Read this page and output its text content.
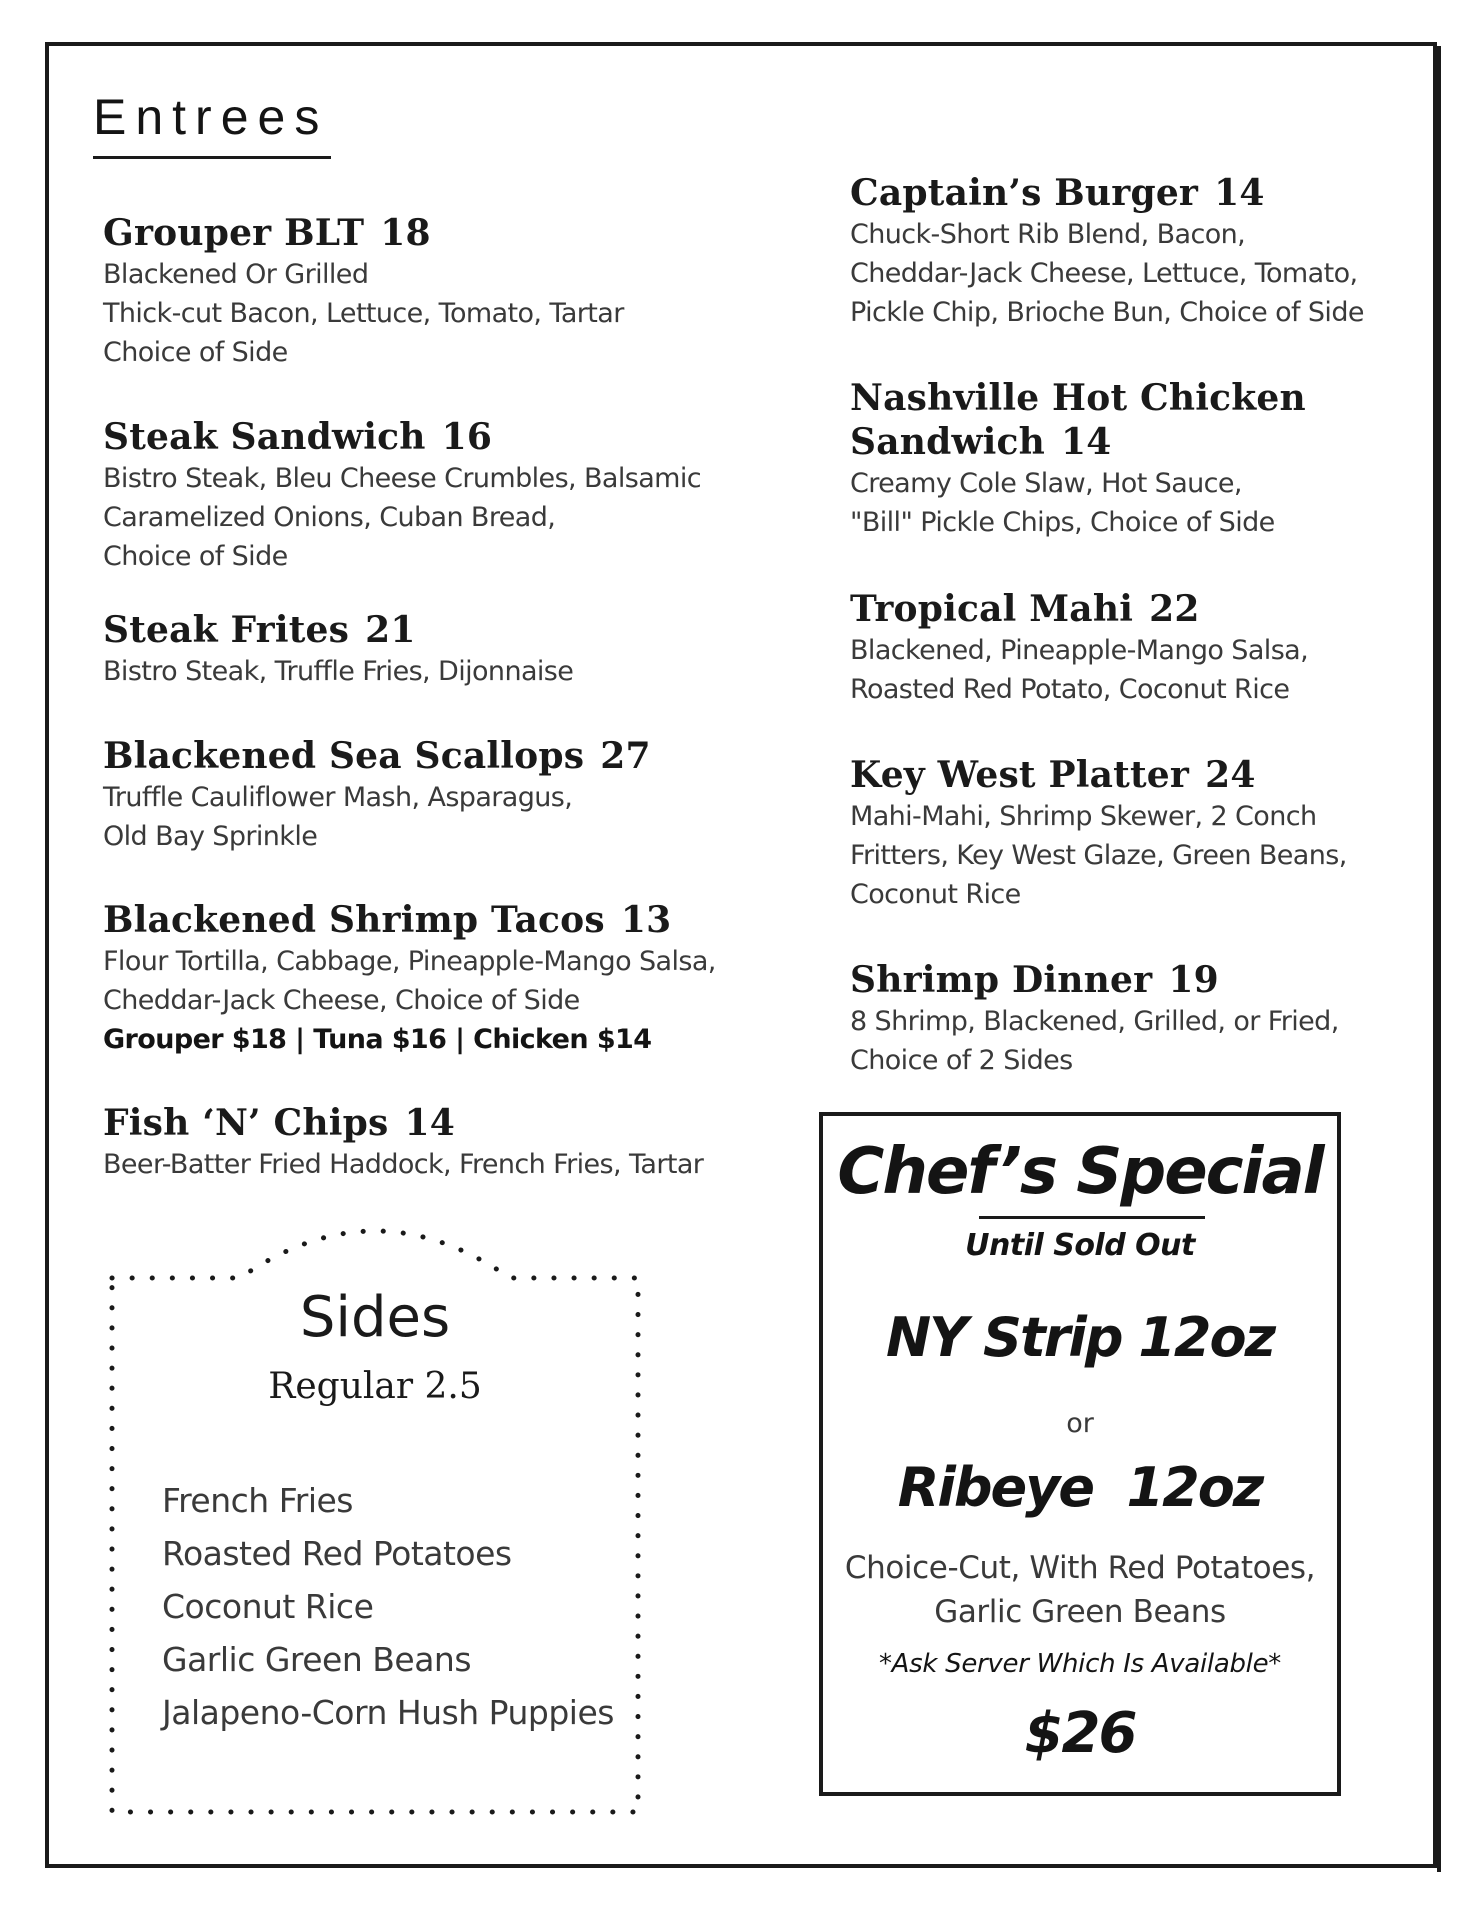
Entrees
Grouper BLT 18
Blackened Or Grilled
Thick-cut Bacon, Lettuce, Tomato, Tartar
Choice of Side
Steak Sandwich 16
Bistro Steak, Bleu Cheese Crumbles, Balsamic
Caramelized Onions, Cuban Bread,
Choice of Side
Steak Frites 21
Bistro Steak, Truffle Fries, Dijonnaise
Blackened Sea Scallops 27
Truffle Cauliflower Mash, Asparagus,
Old Bay Sprinkle
Blackened Shrimp Tacos 13
Flour Tortilla, Cabbage, Pineapple-Mango Salsa,
Cheddar-Jack Cheese, Choice of Side
Grouper $18 | Tuna $16 | Chicken $14
Fish ‘N’ Chips 14
Beer-Batter Fried Haddock, French Fries, Tartar
Captain’s Burger 14
Chuck-Short Rib Blend, Bacon,
Cheddar-Jack Cheese, Lettuce, Tomato,
Pickle Chip, Brioche Bun, Choice of Side
Nashville Hot Chicken
Sandwich 14
Creamy Cole Slaw, Hot Sauce,
"Bill" Pickle Chips, Choice of Side
Tropical Mahi 22
Blackened, Pineapple-Mango Salsa,
Roasted Red Potato, Coconut Rice
Key West Platter 24
Mahi-Mahi, Shrimp Skewer, 2 Conch
Fritters, Key West Glaze, Green Beans,
Coconut Rice
Shrimp Dinner 19
8 Shrimp, Blackened, Grilled, or Fried,
Choice of 2 Sides
Sides
Regular 2.5
French Fries
Roasted Red Potatoes
Coconut Rice
Garlic Green Beans
Jalapeno-Corn Hush Puppies
Chef’s Special
Until Sold Out
NY Strip 12oz
or
Ribeye  12oz
Choice-Cut, With Red Potatoes,
Garlic Green Beans
*Ask Server Which Is Available*
$26
